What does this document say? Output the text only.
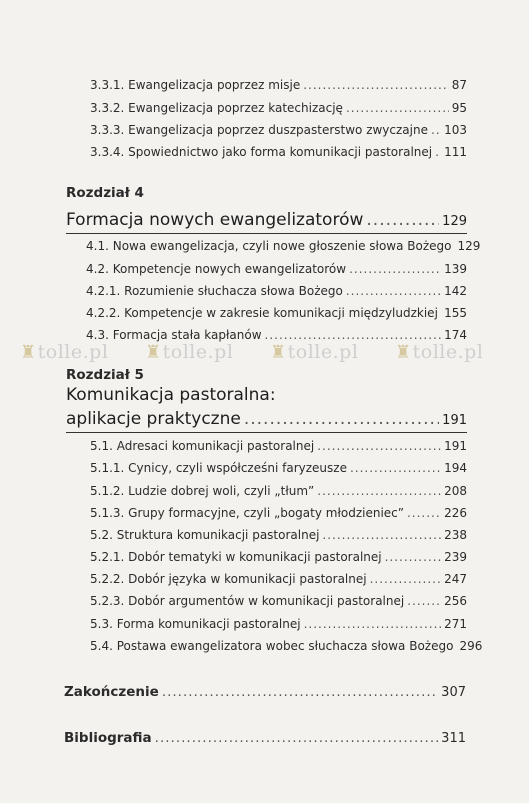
♜tolle.pl ♜tolle.pl ♜tolle.pl ♜tolle.pl
3.3.1. Ewangelizacja poprzez misje .....	87
3.3.2. Ewangelizacja poprzez katechizację .....	95
3.3.3. Ewangelizacja poprzez duszpasterstwo zwyczajne ..... 103
3.3.4. Spowiednictwo jako forma komunikacji pastoralnej ..... 111
Rozdział 4
Formacja nowych ewangelizatorów .....	129
4.1. Nowa ewangelizacja, czyli nowe głoszenie słowa Bożego 129
4.2. Kompetencje nowych ewangelizatorów .....	139
4.2.1. Rozumienie słuchacza słowa Bożego .....	142
4.2.2. Kompetencje w zakresie komunikacji międzyludzkiej ..... 155
4.3. Formacja stała kapłanów .....	174
Rozdział 5
Komunikacja pastoralna:
aplikacje praktyczne .....	191
5.1. Adresaci komunikacji pastoralnej .....	191
5.1.1. Cynicy, czyli współcześni faryzeusze .....	194
5.1.2. Ludzie dobrej woli, czyli „tłum” .....	208
5.1.3. Grupy formacyjne, czyli „bogaty młodzieniec” .....	226
5.2. Struktura komunikacji pastoralnej .....	238
5.2.1. Dobór tematyki w komunikacji pastoralnej .....	239
5.2.2. Dobór języka w komunikacji pastoralnej .....	247
5.2.3. Dobór argumentów w komunikacji pastoralnej .....	256
5.3. Forma komunikacji pastoralnej .....	271
5.4. Postawa ewangelizatora wobec słuchacza słowa Bożego 296
Zakończenie .....	307
Bibliografia .....	311
